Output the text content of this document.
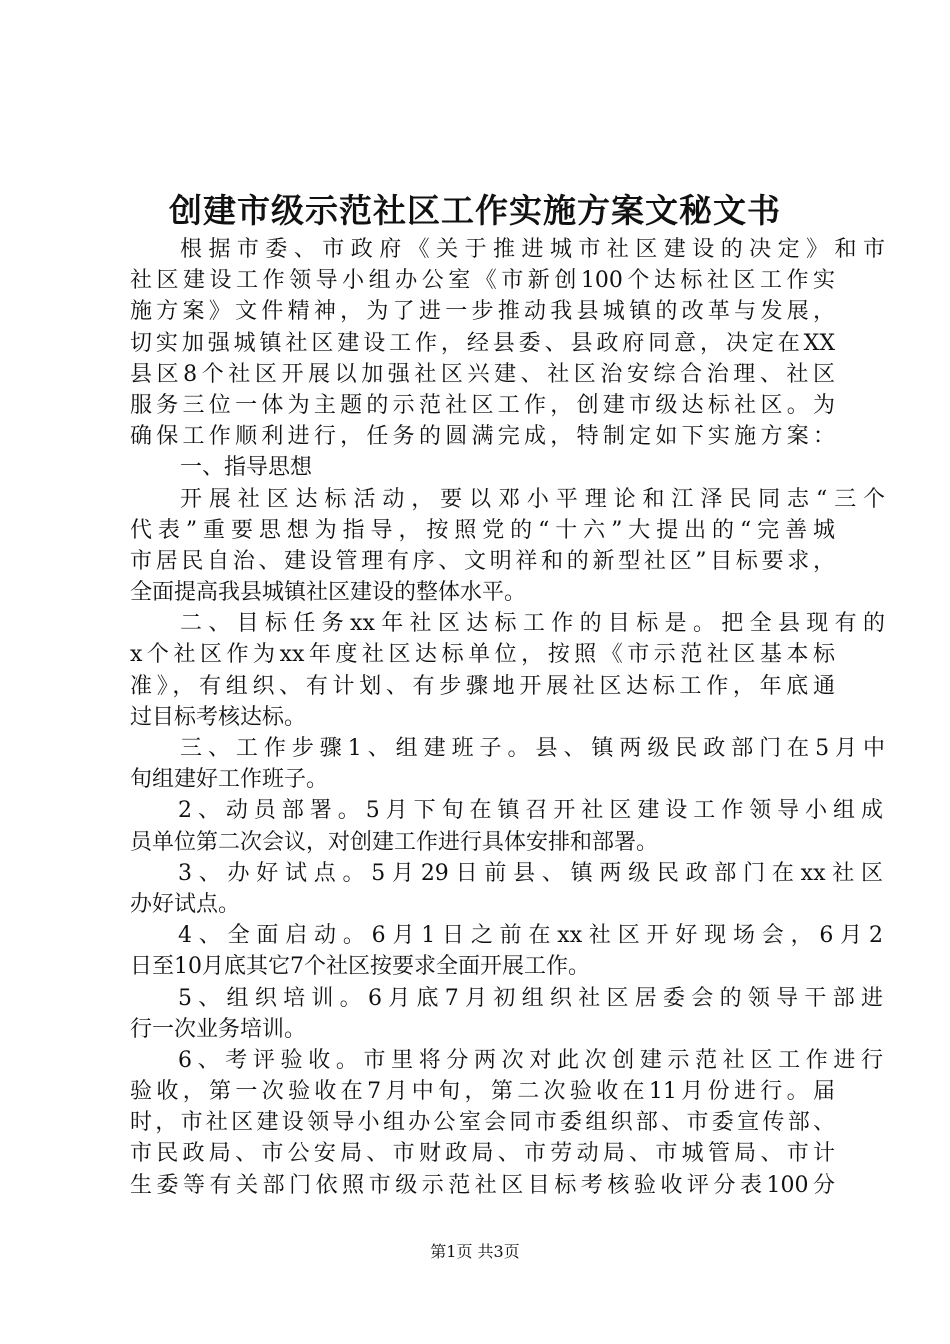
创建市级示范社区工作实施方案文秘文书
根据市委、市政府《关于推进城市社区建设的决定》和市
社区建设工作领导小组办公室《市新创100个达标社区工作实
施方案》文件精神，为了进一步推动我县城镇的改革与发展，
切实加强城镇社区建设工作，经县委、县政府同意，决定在XX
县区8个社区开展以加强社区兴建、社区治安综合治理、社区
服务三位一体为主题的示范社区工作，创建市级达标社区。为
确保工作顺利进行，任务的圆满完成，特制定如下实施方案：
一、指导思想
开展社区达标活动，要以邓小平理论和江泽民同志“三个
代表”重要思想为指导，按照党的“十六”大提出的“完善城
市居民自治、建设管理有序、文明祥和的新型社区”目标要求，
全面提高我县城镇社区建设的整体水平。
二、目标任务xx年社区达标工作的目标是。把全县现有的
x个社区作为xx年度社区达标单位，按照《市示范社区基本标
准》，有组织、有计划、有步骤地开展社区达标工作，年底通
过目标考核达标。
三、工作步骤1、组建班子。县、镇两级民政部门在5月中
旬组建好工作班子。
2、动员部署。5月下旬在镇召开社区建设工作领导小组成
员单位第二次会议，对创建工作进行具体安排和部署。
3、办好试点。5月29日前县、镇两级民政部门在xx社区
办好试点。
4、全面启动。6月1日之前在xx社区开好现场会，6月2
日至10月底其它7个社区按要求全面开展工作。
5、组织培训。6月底7月初组织社区居委会的领导干部进
行一次业务培训。
6、考评验收。市里将分两次对此次创建示范社区工作进行
验收，第一次验收在7月中旬，第二次验收在11月份进行。届
时，市社区建设领导小组办公室会同市委组织部、市委宣传部、
市民政局、市公安局、市财政局、市劳动局、市城管局、市计
生委等有关部门依照市级示范社区目标考核验收评分表100分
第1页 共3页
